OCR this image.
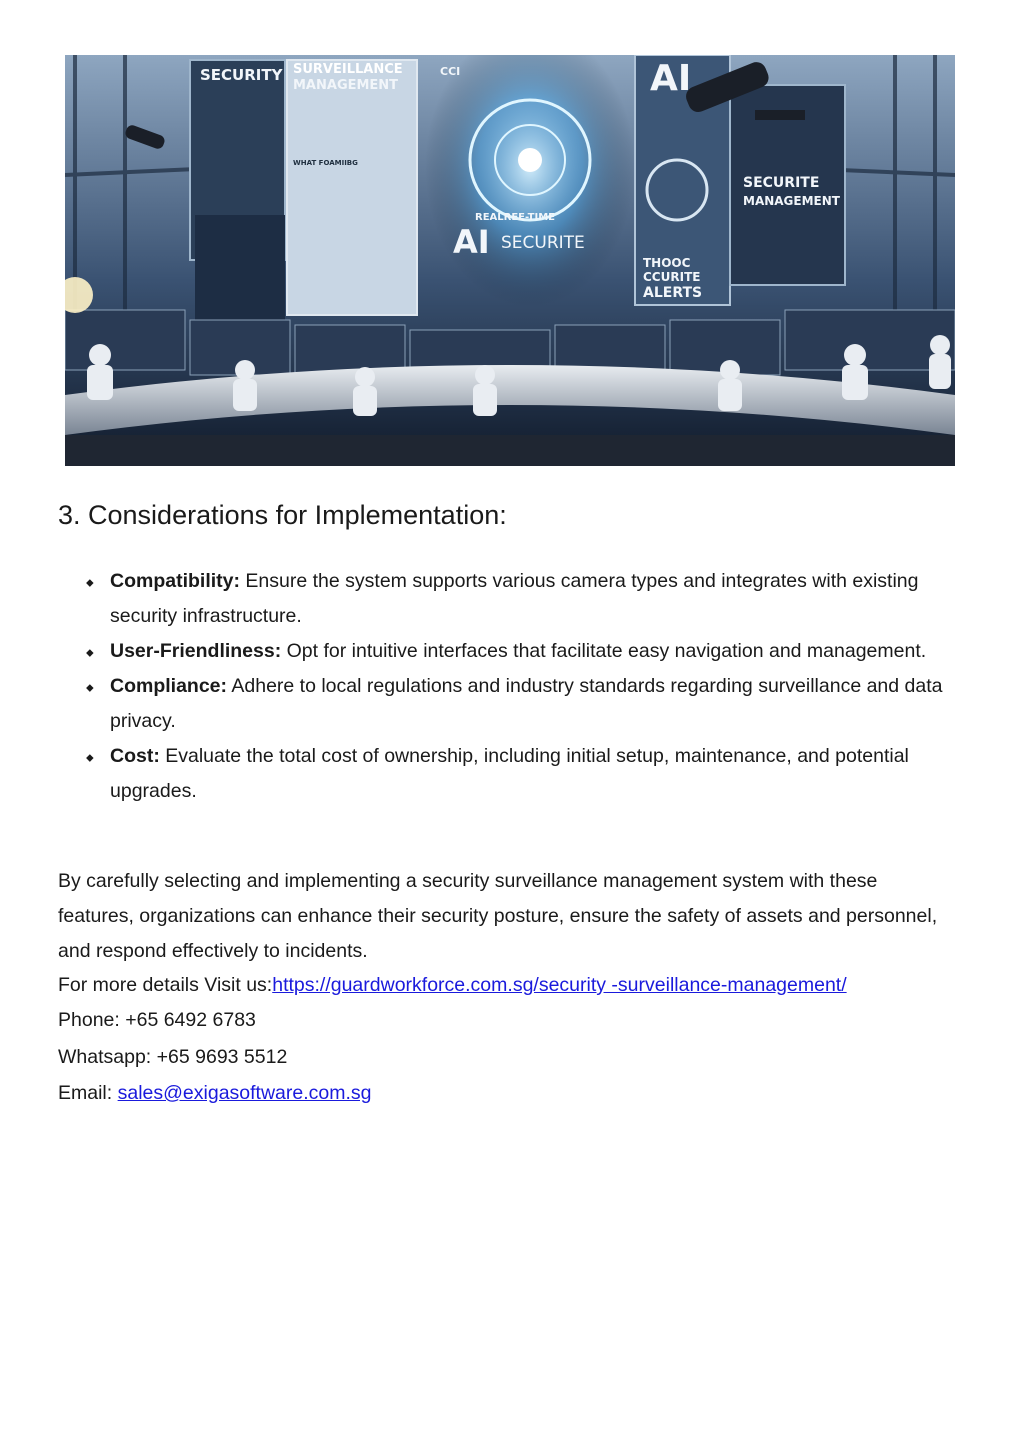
SECURITY SURVEILLANCE
MANAGEMENT
CCI	AI
SECURITE
MANAGEMENT
REALREE-TIME
AI SECURITE
THOOC
CCURITE
ALERTS
WHAT FOAMIIBG
3. Considerations for Implementation:
⬥ Compatibility: Ensure the system supports various camera types and integrates with existing security infrastructure.
⬥ User-Friendliness: Opt for intuitive interfaces that facilitate easy navigation and management.
⬥ Compliance: Adhere to local regulations and industry standards regarding surveillance and data privacy.
⬥ Cost: Evaluate the total cost of ownership, including initial setup, maintenance, and potential upgrades.

By carefully selecting and implementing a security surveillance management system with these features, organizations can enhance their security posture, ensure the safety of assets and personnel, and respond effectively to incidents.

For more details Visit us:https://guardworkforce.com.sg/security -surveillance-management/
Phone: +65 6492 6783
Whatsapp: +65 9693 5512
Email: sales@exigasoftware.com.sg
